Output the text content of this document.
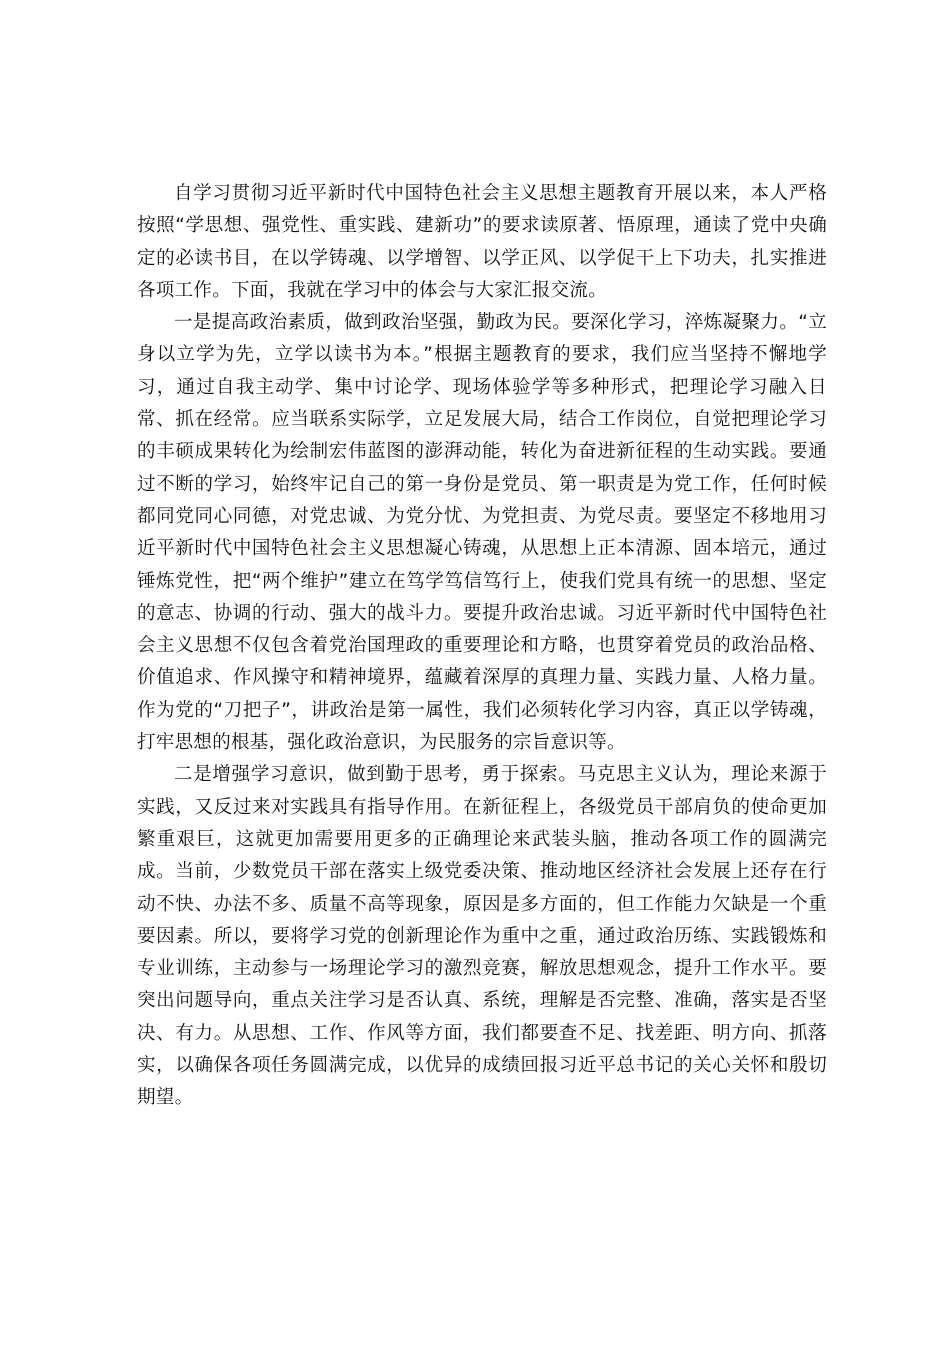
自学习贯彻习近平新时代中国特色社会主义思想主题教育开展以来，本人严格按照“学思想、强党性、重实践、建新功”的要求读原著、悟原理，通读了党中央确定的必读书目，在以学铸魂、以学增智、以学正风、以学促干上下功夫，扎实推进各项工作。下面，我就在学习中的体会与大家汇报交流。

一是提高政治素质，做到政治坚强，勤政为民。要深化学习，淬炼凝聚力。“立身以立学为先，立学以读书为本。”根据主题教育的要求，我们应当坚持不懈地学习，通过自我主动学、集中讨论学、现场体验学等多种形式，把理论学习融入日常、抓在经常。应当联系实际学，立足发展大局，结合工作岗位，自觉把理论学习的丰硕成果转化为绘制宏伟蓝图的澎湃动能，转化为奋进新征程的生动实践。要通过不断的学习，始终牢记自己的第一身份是党员、第一职责是为党工作，任何时候都同党同心同德，对党忠诚、为党分忧、为党担责、为党尽责。要坚定不移地用习近平新时代中国特色社会主义思想凝心铸魂，从思想上正本清源、固本培元，通过锤炼党性，把“两个维护”建立在笃学笃信笃行上，使我们党具有统一的思想、坚定的意志、协调的行动、强大的战斗力。要提升政治忠诚。习近平新时代中国特色社会主义思想不仅包含着党治国理政的重要理论和方略，也贯穿着党员的政治品格、价值追求、作风操守和精神境界，蕴藏着深厚的真理力量、实践力量、人格力量。作为党的“刀把子”，讲政治是第一属性，我们必须转化学习内容，真正以学铸魂，打牢思想的根基，强化政治意识，为民服务的宗旨意识等。

二是增强学习意识，做到勤于思考，勇于探索。马克思主义认为，理论来源于实践，又反过来对实践具有指导作用。在新征程上，各级党员干部肩负的使命更加繁重艰巨，这就更加需要用更多的正确理论来武装头脑，推动各项工作的圆满完成。当前，少数党员干部在落实上级党委决策、推动地区经济社会发展上还存在行动不快、办法不多、质量不高等现象，原因是多方面的，但工作能力欠缺是一个重要因素。所以，要将学习党的创新理论作为重中之重，通过政治历练、实践锻炼和专业训练，主动参与一场理论学习的激烈竞赛，解放思想观念，提升工作水平。要突出问题导向，重点关注学习是否认真、系统，理解是否完整、准确，落实是否坚决、有力。从思想、工作、作风等方面，我们都要查不足、找差距、明方向、抓落实，以确保各项任务圆满完成，以优异的成绩回报习近平总书记的关心关怀和殷切期望。
